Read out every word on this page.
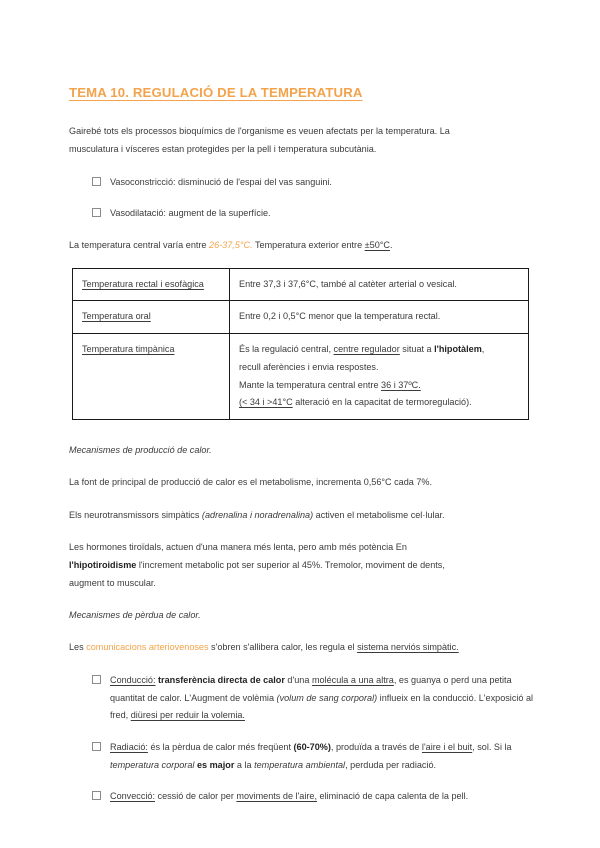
TEMA 10. REGULACIÓ DE LA TEMPERATURA

Gairebé tots els processos bioquímics de l'organisme es veuen afectats per la temperatura. La
musculatura i vísceres estan protegides per la pell i temperatura subcutània.

Vasoconstricció: disminució de l'espai del vas sanguini.
Vasodilatació: augment de la superfície.

La temperatura central varía entre 26-37,5°C. Temperatura exterior entre ±50°C.

Temperatura rectal i esofàgica	Entre 37,3 i 37,6°C, també al catèter arterial o vesical.
Temperatura oral	Entre 0,2 i 0,5°C menor que la temperatura rectal.
Temperatura timpànica	És la regulació central, centre regulador situat a l'hipotàlem,
recull aferències i envia respostes.
Mante la temperatura central entre 36 i 37ºC.
(< 34 i >41°C alteració en la capacitat de termoregulació).

Mecanismes de producció de calor.

La font de principal de producció de calor es el metabolisme, incrementa 0,56°C cada 7%.

Els neurotransmissors simpàtics (adrenalina i noradrenalina) activen el metabolisme cel·lular.

Les hormones tiroïdals, actuen d'una manera més lenta, pero amb més potència En
l'hipotiroidisme l'increment metabolic pot ser superior al 45%. Tremolor, moviment de dents,
augment to muscular.

Mecanismes de pèrdua de calor.

Les comunicacions arteriovenoses s'obren s'allibera calor, les regula el sistema nerviós simpàtic.

Conducció: transferència directa de calor d'una molécula a una altra, es guanya o perd una petita quantitat de calor. L'Augment de volèmia (volum de sang corporal) influeix en la conducció. L'exposició al fred, diüresi per reduir la volemia.
Radiació: és la pèrdua de calor més freqüent (60-70%), produïda a través de l'aire i el buit, sol. Si la temperatura corporal es major a la temperatura ambiental, perduda per radiació.
Convecció: cessió de calor per moviments de l'aire, eliminació de capa calenta de la pell.
